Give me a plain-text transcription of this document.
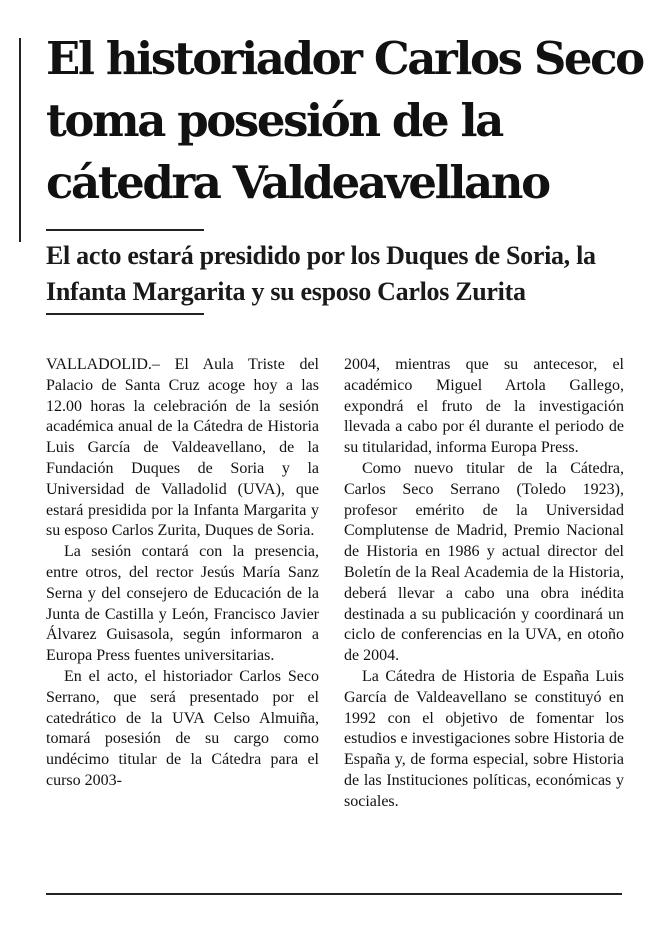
El historiador Carlos Seco toma posesión de la cátedra Valdeavellano
El acto estará presidido por los Duques de Soria, la Infanta Margarita y su esposo Carlos Zurita

VALLADOLID.– El Aula Triste del Palacio de Santa Cruz acoge hoy a las 12.00 horas la celebración de la sesión académica anual de la Cátedra de Historia Luis García de Valdeavellano, de la Fundación Duques de Soria y la Universidad de Valladolid (UVA), que estará presidida por la Infanta Margarita y su esposo Carlos Zurita, Duques de Soria.

La sesión contará con la presencia, entre otros, del rector Jesús María Sanz Serna y del consejero de Educación de la Junta de Castilla y León, Francisco Javier Álvarez Guisasola, según informaron a Europa Press fuentes universitarias.

En el acto, el historiador Carlos Seco Serrano, que será presentado por el catedrático de la UVA Celso Almuiña, tomará posesión de su cargo como undécimo titular de la Cátedra para el curso 2003-

2004, mientras que su antecesor, el académico Miguel Artola Gallego, expondrá el fruto de la investigación llevada a cabo por él durante el periodo de su titularidad, informa Europa Press.

Como nuevo titular de la Cátedra, Carlos Seco Serrano (Toledo 1923), profesor emérito de la Universidad Complutense de Madrid, Premio Nacional de Historia en 1986 y actual director del Boletín de la Real Academia de la Historia, deberá llevar a cabo una obra inédita destinada a su publicación y coordinará un ciclo de conferencias en la UVA, en otoño de 2004.

La Cátedra de Historia de España Luis García de Valdeavellano se constituyó en 1992 con el objetivo de fomentar los estudios e investigaciones sobre Historia de España y, de forma especial, sobre Historia de las Instituciones políticas, económicas y sociales.
